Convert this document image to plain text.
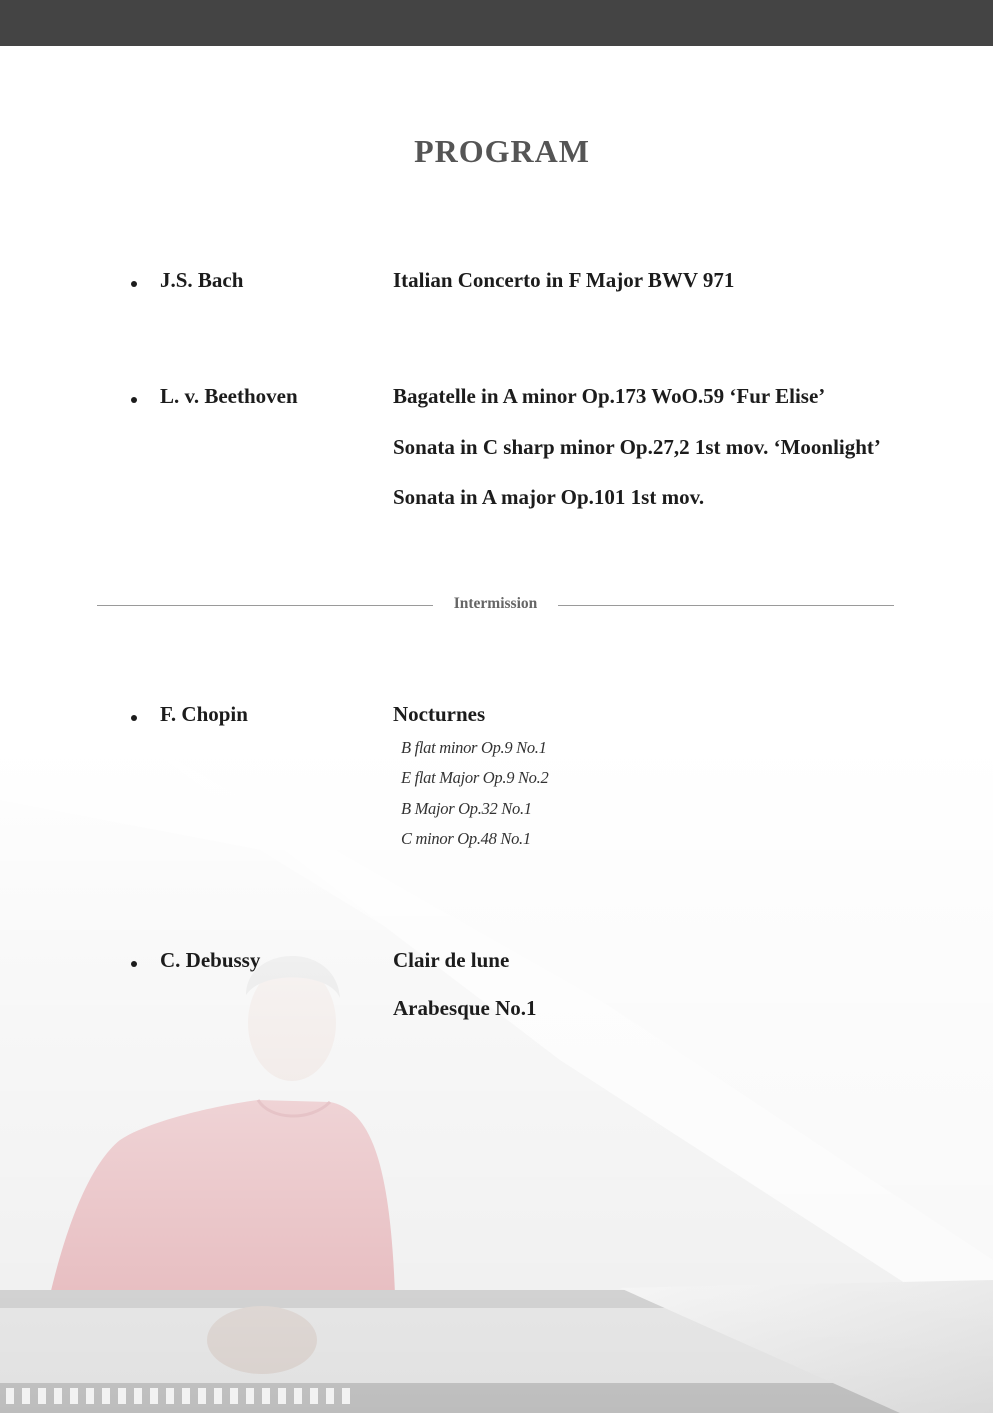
PROGRAM
J.S. Bach	Italian Concerto in F Major BWV 971
L. v. Beethoven	Bagatelle in A minor Op.173 WoO.59 ‘Fur Elise’
Sonata in C sharp minor Op.27,2 1st mov. ‘Moonlight’
Sonata in A major Op.101 1st mov.
Intermission
F. Chopin	Nocturnes
B flat minor Op.9 No.1
E flat Major Op.9 No.2
B Major Op.32 No.1
C minor Op.48 No.1
C. Debussy	Clair de lune
Arabesque No.1
